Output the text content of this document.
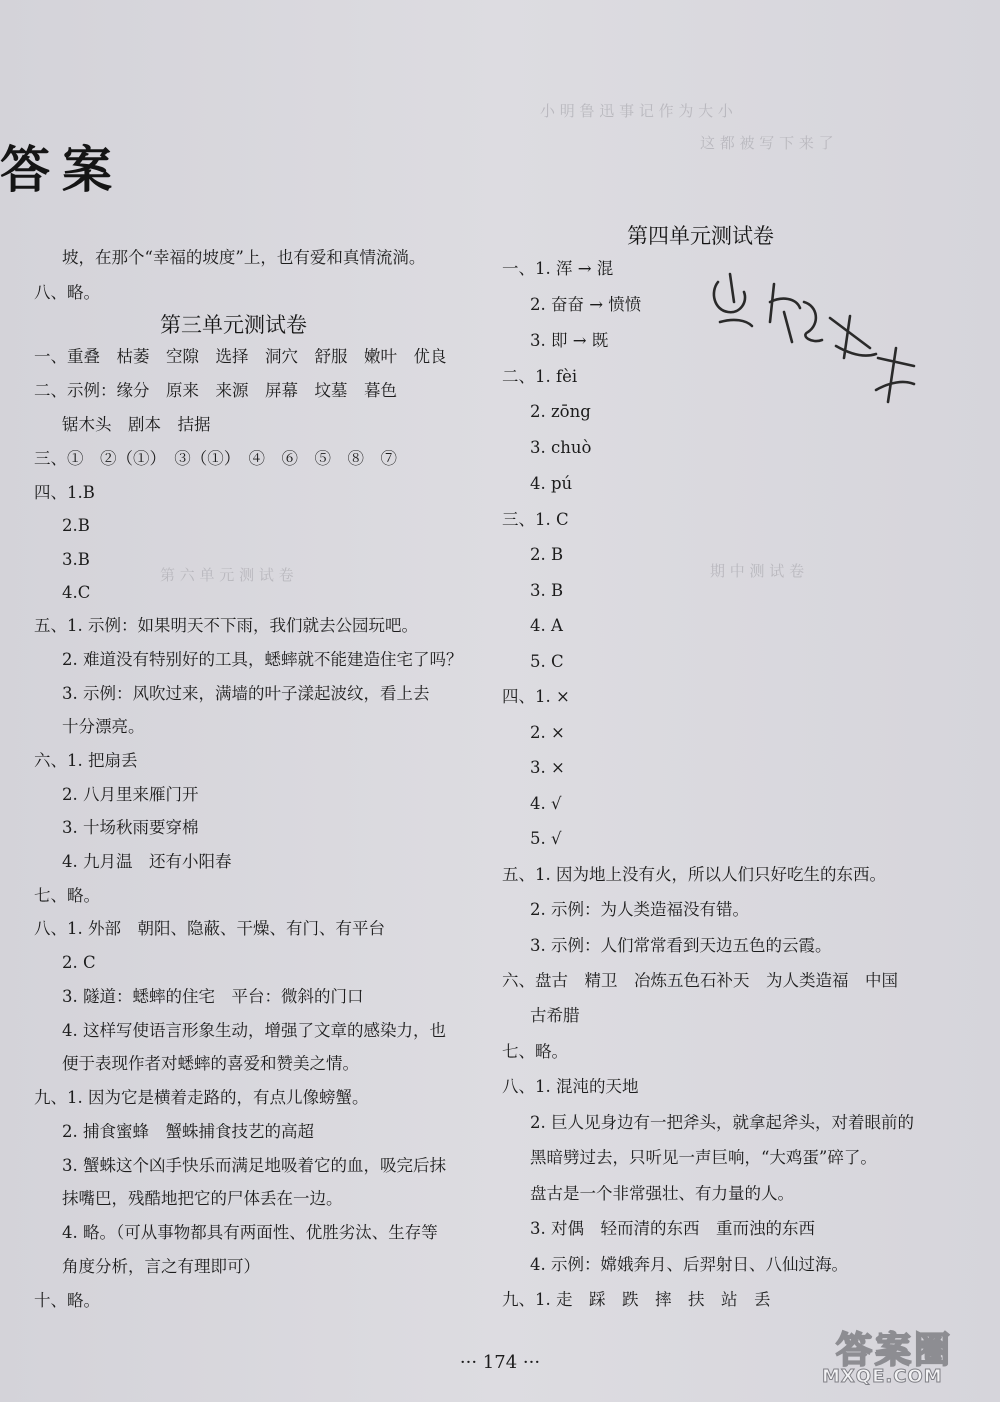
小 明 鲁 迅 事 记 作 为 大 小
这 都 被 写 下 来 了
第 六 单 元 测 试 卷	期 中 测 试 卷
答案
坡，在那个“幸福的坡度”上，也有爱和真情流淌。
八、略。
第三单元测试卷
一、重叠　枯萎　空隙　选择　洞穴　舒服　嫩叶　优良
二、示例：缘分　原来　来源　屏幕　坟墓　暮色
锯木头　剧本　拮据
三、①　②（①）　③（①）　④　⑥　⑤　⑧　⑦
四、1.B
2.B
3.B
4.C
五、1. 示例：如果明天不下雨，我们就去公园玩吧。
2. 难道没有特别好的工具，蟋蟀就不能建造住宅了吗？
3. 示例：风吹过来，满墙的叶子漾起波纹，看上去
十分漂亮。
六、1. 把扇丢
2. 八月里来雁门开
3. 十场秋雨要穿棉
4. 九月温　还有小阳春
七、略。
八、1. 外部　朝阳、隐蔽、干燥、有门、有平台
2. C
3. 隧道：蟋蟀的住宅　平台：微斜的门口
4. 这样写使语言形象生动，增强了文章的感染力，也
便于表现作者对蟋蟀的喜爱和赞美之情。
九、1. 因为它是横着走路的，有点儿像螃蟹。
2. 捕食蜜蜂　蟹蛛捕食技艺的高超
3. 蟹蛛这个凶手快乐而满足地吸着它的血，吸完后抹
抹嘴巴，残酷地把它的尸体丢在一边。
4. 略。（可从事物都具有两面性、优胜劣汰、生存等
角度分析，言之有理即可）
十、略。
第四单元测试卷
一、1. 浑 → 混
2. 奋奋 → 愤愤
3. 即 → 既
二、1. fèi
2. zōng
3. chuò
4. pú
三、1. C
2. B
3. B
4. A
5. C
四、1. ×
2. ×
3. ×
4. √
5. √
五、1. 因为地上没有火，所以人们只好吃生的东西。
2. 示例：为人类造福没有错。
3. 示例：人们常常看到天边五色的云霞。
六、盘古　精卫　冶炼五色石补天　为人类造福　中国
古希腊
七、略。
八、1. 混沌的天地
2. 巨人见身边有一把斧头，就拿起斧头，对着眼前的
黑暗劈过去，只听见一声巨响，“大鸡蛋”碎了。
盘古是一个非常强壮、有力量的人。
3. 对偶　轻而清的东西　重而浊的东西
4. 示例：嫦娥奔月、后羿射日、八仙过海。
九、1. 走　踩　跌　摔　扶　站　丢
··· 174 ···	答案圈
MXQE.COM
